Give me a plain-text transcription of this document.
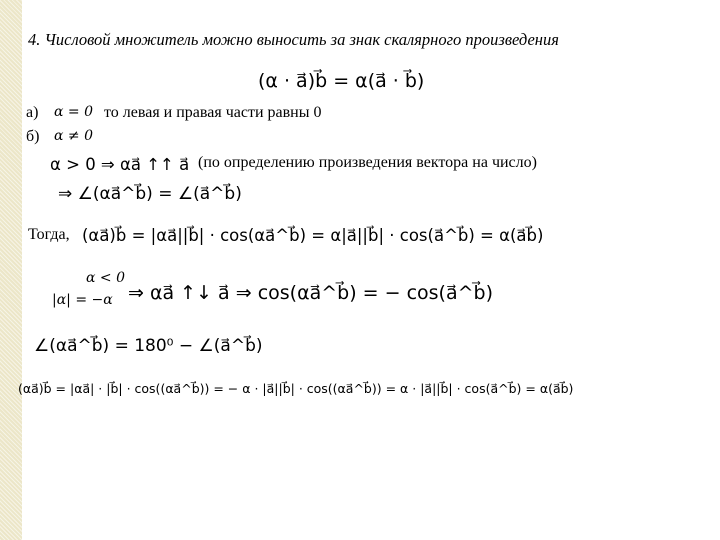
4. Числовой множитель можно выносить за знак скалярного произведения
(α · a⃗)b⃗ = α(a⃗ · b⃗)
а) α = 0 то левая и правая части равны 0
б) α ≠ 0
α > 0 ⇒ αa⃗ ↑↑ a⃗ (по определению произведения вектора на число)
⇒ ∠(αa⃗^b⃗) = ∠(a⃗^b⃗)
Тогда, (αa⃗)b⃗ = |αa⃗||b⃗| · cos(αa⃗^b⃗) = α|a⃗||b⃗| · cos(a⃗^b⃗) = α(a⃗b⃗)
α < 0
|α| = −α ⇒ αa⃗ ↑↓ a⃗ ⇒ cos(αa⃗^b⃗) = − cos(a⃗^b⃗)
∠(αa⃗^b⃗) = 180⁰ − ∠(a⃗^b⃗)
(αa⃗)b⃗ = |αa⃗| · |b⃗| · cos((αa⃗^b⃗)) = − α · |a⃗||b⃗| · cos((αa⃗^b⃗)) = α · |a⃗||b⃗| · cos(a⃗^b⃗) = α(a⃗b⃗)
